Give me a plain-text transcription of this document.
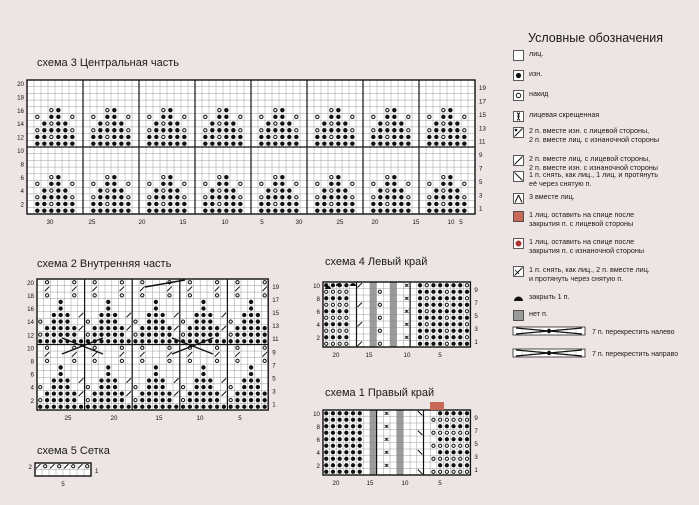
схема 3 Центральная часть
схема 2 Внутренняя часть	схема 4 Левый край
схема 1 Правый край
схема 5 Сетка
19
17
15
13
11
9
7
5
3
1
20
18
16
14
12
10
8
6
4
2
30	25	20	15	10	5	30	25	20	15	10 5
19
17
15
13
11
9
7
5
3
1
20
18
16
14
12
10
8
6
4
2
25	20	15	10	5
9
7
5
3
1
10
8
6
4
2
20	15	10	5
9
7
5
3
1
10
8
6
4
2
20	15	10	5
1
2
5
7 п. перекрестить налево
7 п. перекрестить направо
Условные обозначения
лиц.
изн.
накид
лицевая скрещенная
2 п. вместе изн. с лицевой стороны,
2 п. вместе лиц. с изнаночной стороны
2 п. вместе лиц. с лицевой стороны,
2 п. вместе изн. с изнаночной стороны
1 п. снять, как лиц., 1 лиц. и протянуть
её через снятую п.
3 вместе лиц.
1 лиц. оставить на спице после
закрытия п. с лицевой стороны
1 лиц. оставить на спице после
закрытия п. с изнаночной стороны
1 п. снять, как лиц., 2 п. вместе лиц.
и протянуть через снятую п.
закрыть 1 п.
нет п.
